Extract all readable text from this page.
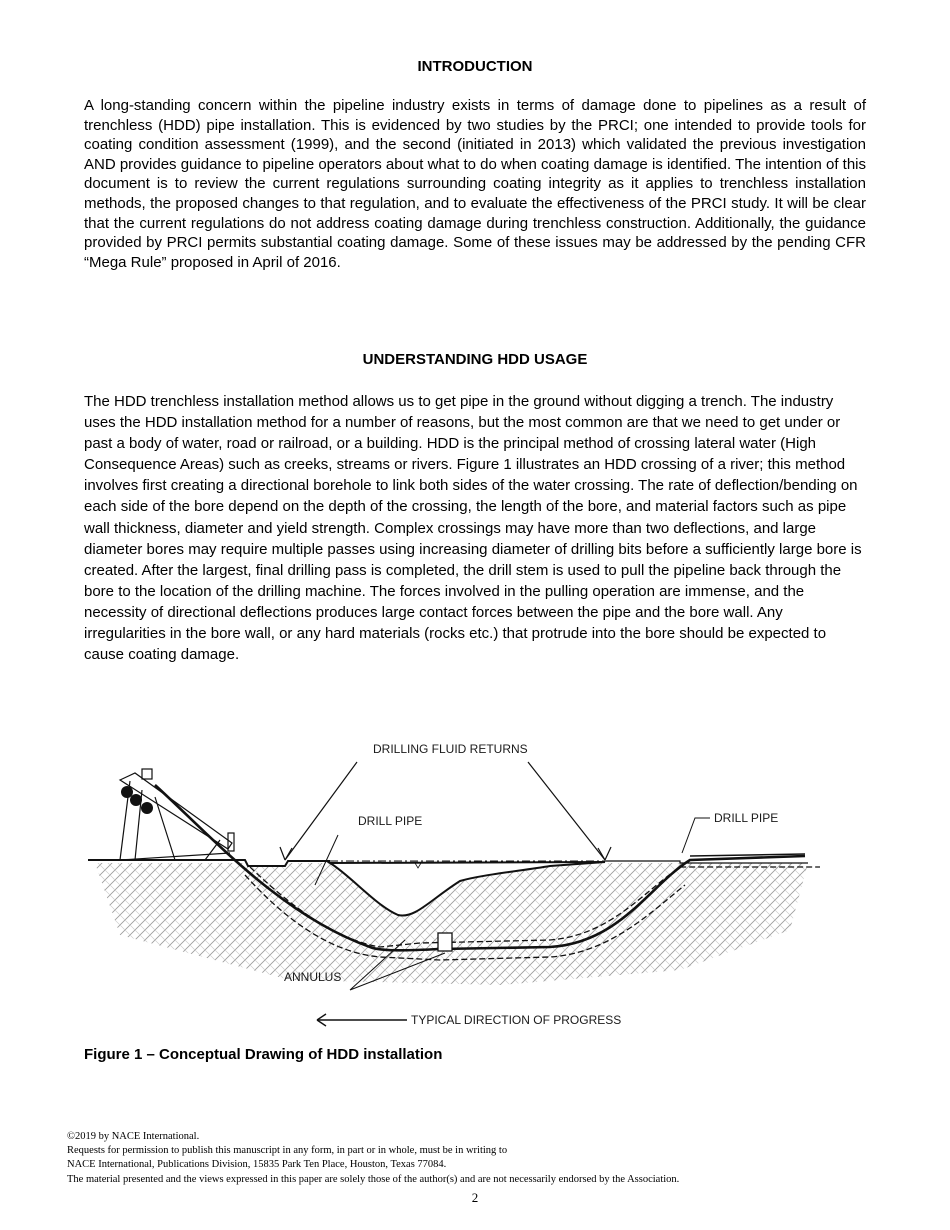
INTRODUCTION
A long-standing concern within the pipeline industry exists in terms of damage done to pipelines as a result of trenchless (HDD) pipe installation. This is evidenced by two studies by the PRCI; one intended to provide tools for coating condition assessment (1999), and the second (initiated in 2013) which validated the previous investigation AND provides guidance to pipeline operators about what to do when coating damage is identified. The intention of this document is to review the current regulations surrounding coating integrity as it applies to trenchless installation methods, the proposed changes to that regulation, and to evaluate the effectiveness of the PRCI study. It will be clear that the current regulations do not address coating damage during trenchless construction. Additionally, the guidance provided by PRCI permits substantial coating damage. Some of these issues may be addressed by the pending CFR “Mega Rule” proposed in April of 2016.
UNDERSTANDING HDD USAGE
The HDD trenchless installation method allows us to get pipe in the ground without digging a trench. The industry uses the HDD installation method for a number of reasons, but the most common are that we need to get under or past a body of water, road or railroad, or a building. HDD is the principal method of crossing lateral water (High Consequence Areas) such as creeks, streams or rivers. Figure 1 illustrates an HDD crossing of a river; this method involves first creating a directional borehole to link both sides of the water crossing. The rate of deflection/bending on each side of the bore depend on the depth of the crossing, the length of the bore, and material factors such as pipe wall thickness, diameter and yield strength. Complex crossings may have more than two deflections, and large diameter bores may require multiple passes using increasing diameter of drilling bits before a sufficiently large bore is created. After the largest, final drilling pass is completed, the drill stem is used to pull the pipeline back through the bore to the location of the drilling machine. The forces involved in the pulling operation are immense, and the necessity of directional deflections produces large contact forces between the pipe and the bore wall. Any irregularities in the bore wall, or any hard materials (rocks etc.) that protrude into the bore should be expected to cause coating damage.
DRILLING FLUID RETURNS
DRILL PIPE	DRILL PIPE
ANNULUS
TYPICAL DIRECTION OF PROGRESS
Figure 1 – Conceptual Drawing of HDD installation
©2019 by NACE International.
Requests for permission to publish this manuscript in any form, in part or in whole, must be in writing to
NACE International, Publications Division, 15835 Park Ten Place, Houston, Texas 77084.
The material presented and the views expressed in this paper are solely those of the author(s) and are not necessarily endorsed by the Association.
2
